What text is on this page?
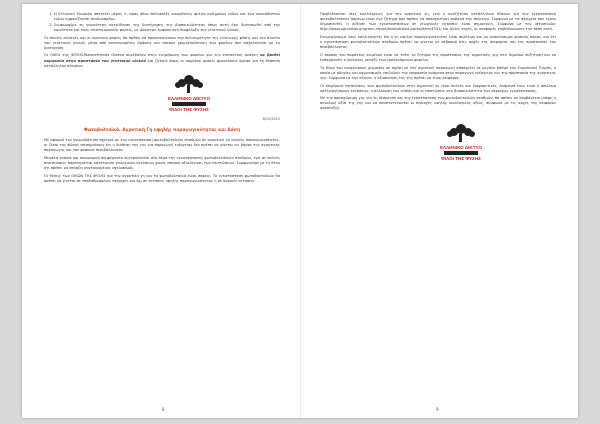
1. Η Ελληνική Χλωρίδα αποτελεί μέρος τ...ορας όπου πολλαπλές οικογένειες φυτών ενδημικών ειδών και των ασυνήθιστων ειδών εμφανίζονται συνδυασμένα.
2. Συμφωνούμε τη γενικότερη κατεύθυνση της διατήρησης της βιοποικιλότητας όπως αυτή έχει διατυπωθεί από την κοινότητα και τους επιστημονικούς φορείς, με ιδιαίτερη έμφαση στη διαφύλαξη του γενετικού υλικού.

Οι πολλές αλλαγές και οι κρατικοί φορείς θα πρέπει να προστατεύσουν την πολυτιμότητα της ελληνικής φύσης και τον πλούτο του γενετικού υλικού, μέσα από συντονισμένες δράσεις και επαρκή χρηματοδότηση των φορέων που ασχολούνται με τη διατήρηση.

Οι ΟΙΚΟΙ της ΦΥΣΗΣ/Naturefriends Greece συνέβαλαν στην ενημέρωση των φορέων για την επιτακτική ανάγκη να βρεθεί συμφωνία στην προστασία του γενετικού υλικού και ζητούν όπως οι αρμόδιοι φορείς φροντίσουν άμεσα για τη θέσπιση κατάλληλου πλαισίου.

ΕΛΛΗΝΙΚΟ ΔΙΚΤΥΟ
ΦΙΛΟΙ ΤΗΣ ΦΥΣΗΣ
6/12/2012
Φωτοβολταϊκά, Αγροτική Γη υψηλής παραγωγικότητας και Δάση

Με αφορμή την γνωμοδότηση σχετικά με την εγκατάσταση φωτοβολταϊκών σταθμών σε αγροτική γη υψηλής παραγωγικότητας, οι Οίκοι της Φύσης επισημαίνουν ότι η διάθεση της γης για παραγωγή ενέργειας δεν πρέπει να γίνεται εις βάρος της αγροτικής παραγωγής και του φυσικού περιβάλλοντος.

Μεγάλα τοπικά και οικονομικά συμφέροντα συγκρούονται στο θέμα της εγκατάστασης φωτοβολταϊκών σταθμών, ενώ σε πολλές περιπτώσεις παρατηρείται κατάτμηση γεωργικών εκτάσεων χωρίς επαρκή αξιολόγηση των επιπτώσεων. Συμφωνούμε με τη θέση ότι πρέπει να υπάρξει συντονισμένος σχεδιασμός.

Οι θέσεις των ΟΙΚΩΝ ΤΗΣ ΦΥΣΗΣ για την αγροτική γη και τα φωτοβολταϊκά είναι σαφείς: Το εγκατάσταση φωτοβολταϊκών θα πρέπει να γίνεται σε υποβαθμισμένες περιοχές και όχι σε εκτάσεις υψηλής παραγωγικότητας ή σε δασικές εκτάσεις.

8

Προβλέπονται νέες καλλιέργειες για την αγροτική γη, ενώ η αναζήτηση κατάλληλων θέσεων για την εγκατάσταση φωτοβολταϊκών πάρκων είναι ένα ζήτημα που πρέπει να απασχολήσει σοβαρά την πολιτεία. Σύμφωνα με τα στοιχεία που έχουν δημοσιευθεί, η αύξηση των εγκαταστάσεων σε γεωργικές εκτάσεις είναι σημαντική. Σύμφωνα με την ιστοσελίδα: http://www.agronews.gr/green-report/fotovoltaika-parka/item/4531/ και άλλες πηγές, οι αναφορές επιβεβαιώνουν την τάση αυτή.

Ενημερώνουμε τους καλλιεργητές ότι η γη υψηλής παραγωγικότητας είναι πολύτιμη και μη ανανεώσιμος φυσικός πόρος, και ότι η εγκατάσταση φωτοβολταϊκών σταθμών πρέπει να γίνεται με σεβασμό στις αρχές της αειφορίας και της προστασίας του περιβάλλοντος.

Ο σκοπός του παρόντος κειμένου είναι να τεθεί το ζήτημα της προστασίας της αγροτικής γης στη δημόσια συζήτηση και να ενθαρρυνθεί ο διάλογος μεταξύ των εμπλεκόμενων φορέων.

Το θέμα του ενεργειακού μίγματος σε σχέση με την αγροτική παραγωγή απασχολεί σε μεγάλο βαθμό την Ευρωπαϊκή Ένωση, η οποία με οδηγίες και κανονισμούς επιδιώκει την ισορροπία ανάμεσα στην παραγωγή ενέργειας και την προστασία της αγροτικής γης. Σύμφωνα με την οδηγία, η αξιοποίηση της γης πρέπει να είναι αειφόρος.

Οι επιμέρους επιπτώσεις των φωτοβολταϊκών στην αγροτική γη είναι πολλές και διαφορετικές. Ανάμεσά τους είναι η απώλεια καλλιεργήσιμων εκτάσεων, η αλλοίωση του τοπίου και οι επιπτώσεις στη βιοποικιλότητα των περιοχών εγκατάστασης.

Με την παραχώρηση γης για τη δέσμευση και την εγκατάσταση των φωτοβολταϊκών σταθμών, θα πρέπει να λαμβάνεται υπόψη η συνολική αξία της γης και να προστατεύονται οι περιοχές υψηλής οικολογικής αξίας, σύμφωνα με τις αρχές της αειφόρου ανάπτυξης.

ΕΛΛΗΝΙΚΟ ΔΙΚΤΥΟ
ΦΙΛΟΙ ΤΗΣ ΦΥΣΗΣ
9
